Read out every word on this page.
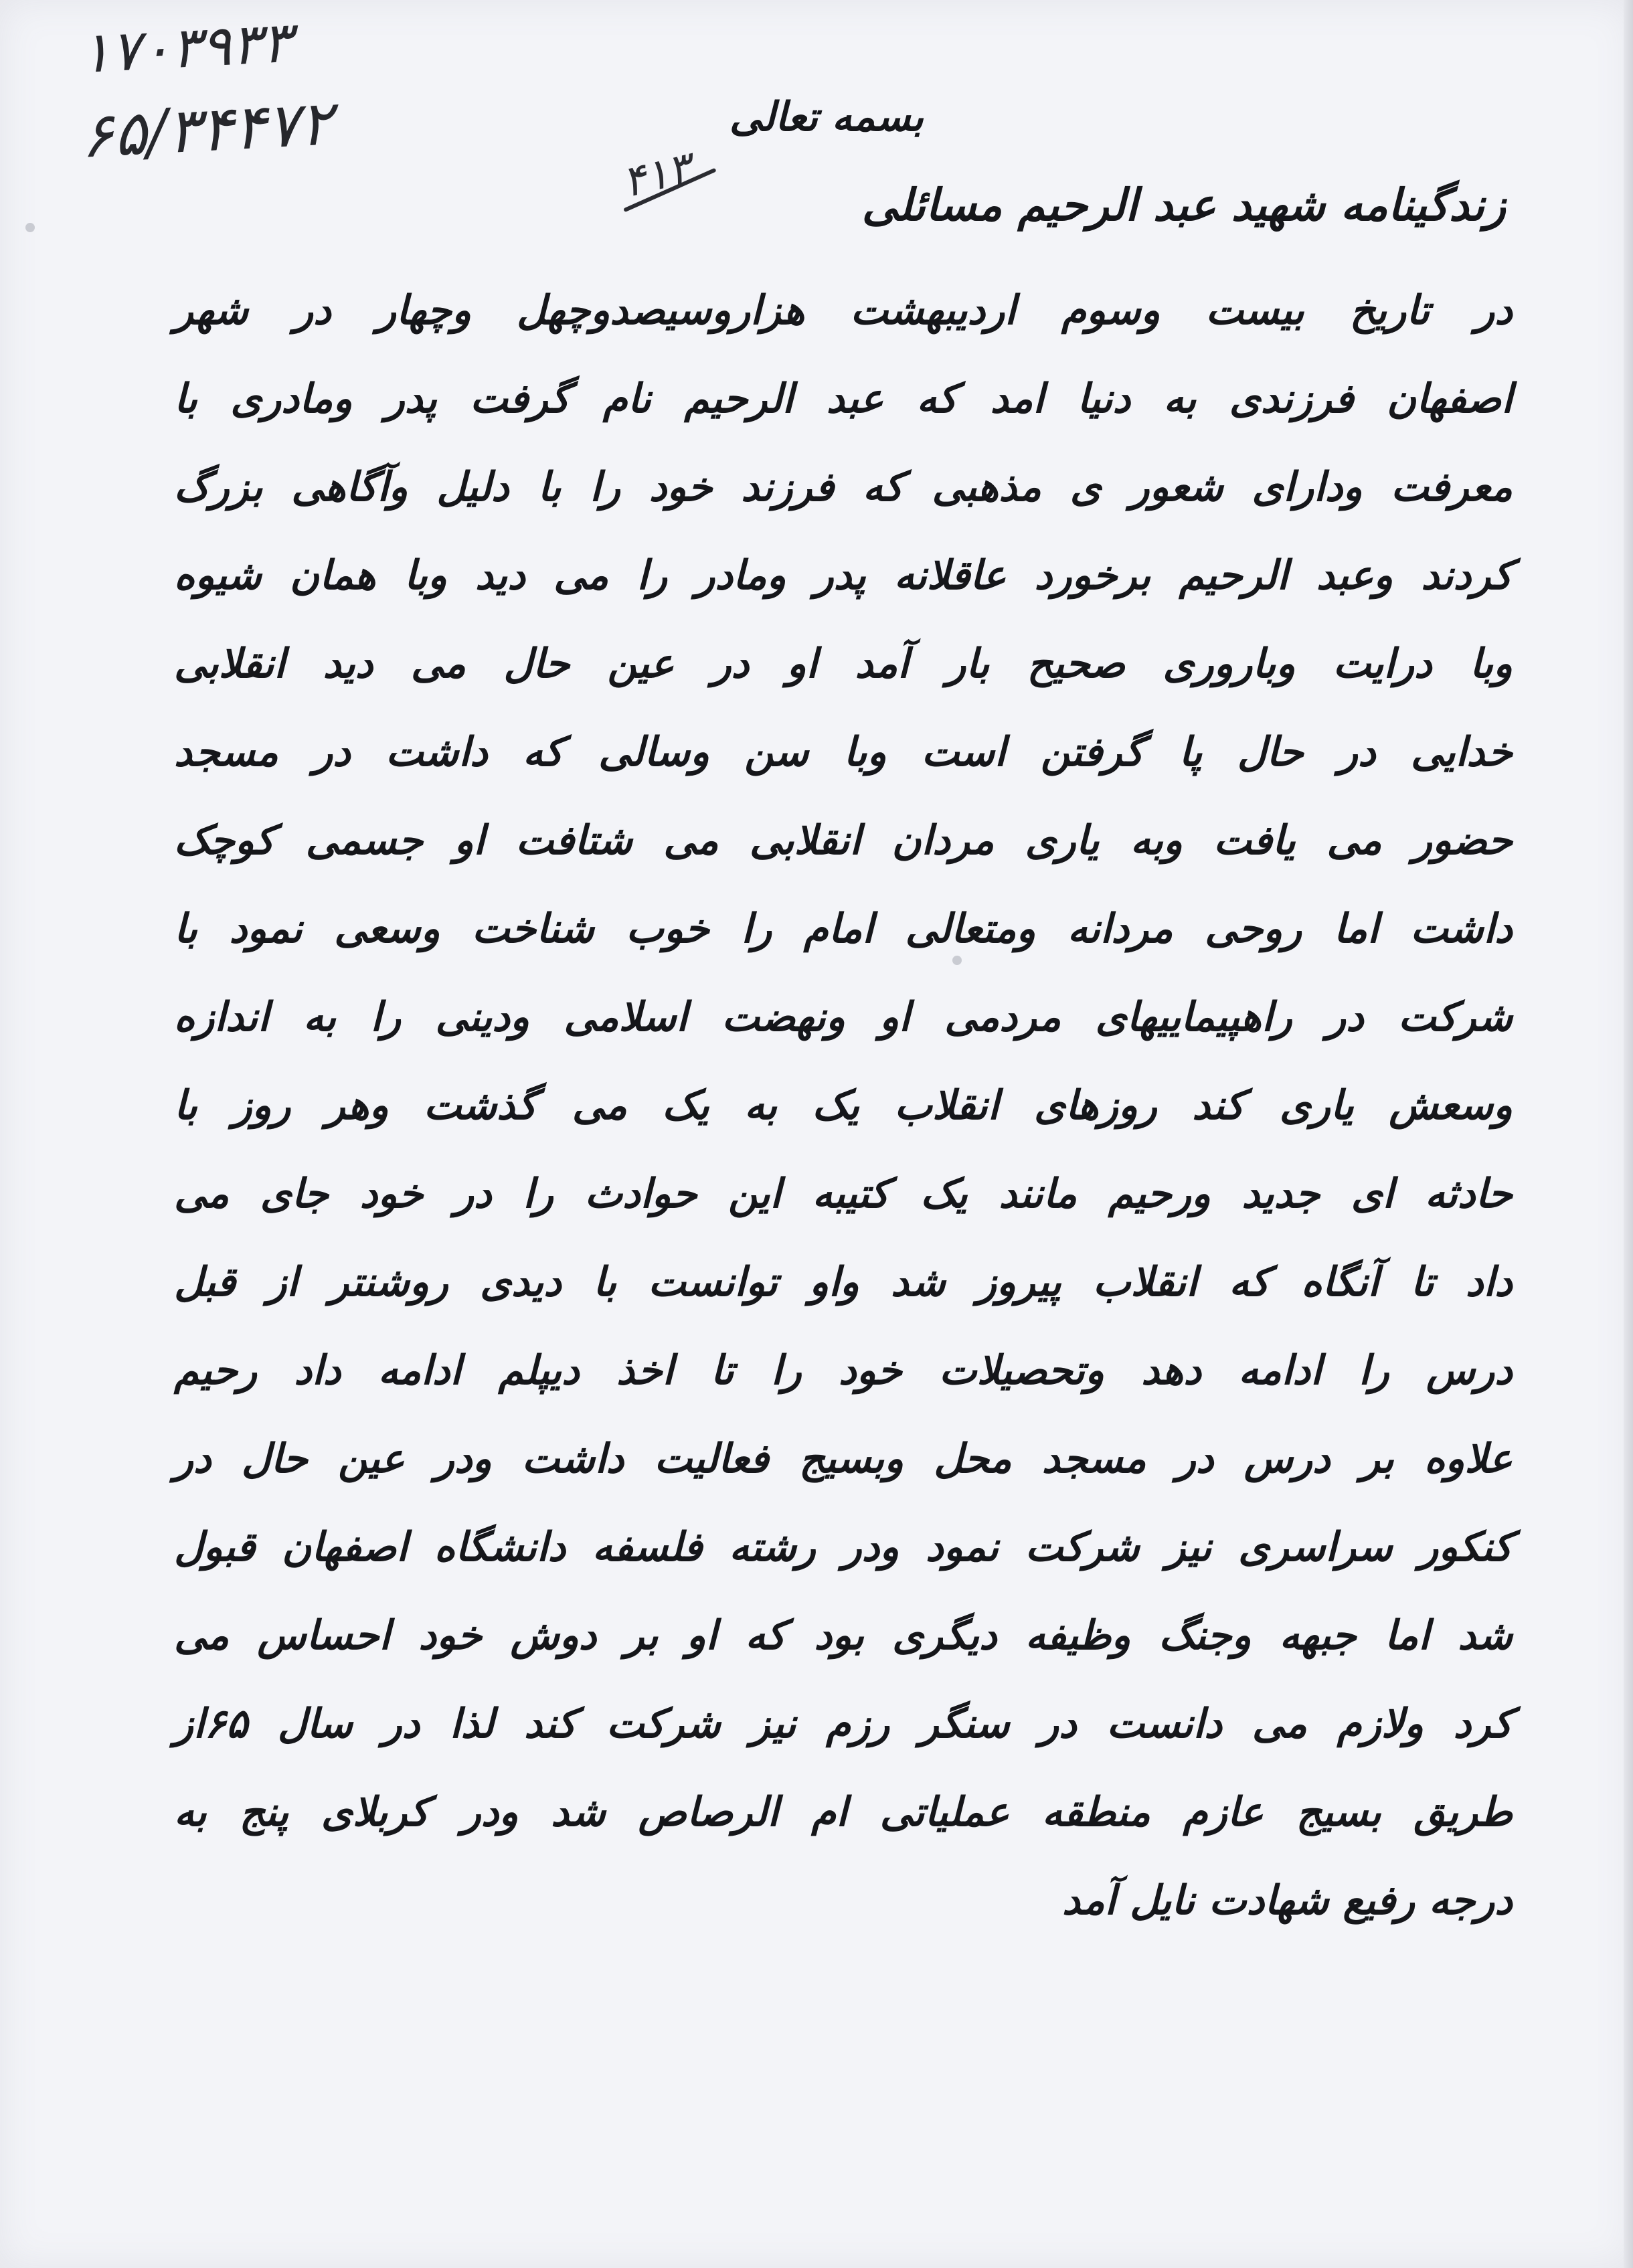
۱۷۰۳۹۳۳
۶۵/۳۴۴۷۲
۴۱۳
بسمه تعالی
زندگینامه شهید عبد الرحیم مسائلی
در تاریخ بیست وسوم اردیبهشت هزاروسیصدوچهل وچهار در شهر
اصفهان فرزندی به دنیا امد که عبد الرحیم نام گرفت پدر ومادری با
معرفت ودارای شعور ی مذهبی که فرزند خود را با دلیل وآگاهی بزرگ
کردند وعبد الرحیم برخورد عاقلانه پدر ومادر را می دید وبا همان شیوه
وبا درایت وباروری صحیح بار آمد او در عین حال می دید انقلابی
خدایی در حال پا گرفتن است وبا سن وسالی که داشت در مسجد
حضور می یافت وبه یاری مردان انقلابی می شتافت او جسمی کوچک
داشت اما روحی مردانه ومتعالی امام را خوب شناخت وسعی نمود با
شرکت در راهپیماییهای مردمی او ونهضت اسلامی ودینی را به اندازه
وسعش یاری کند روزهای انقلاب یک به یک می گذشت وهر روز با
حادثه ای جدید ورحیم مانند یک کتیبه این حوادث را در خود جای می
داد تا آنگاه که انقلاب پیروز شد واو توانست با دیدی روشنتر از قبل
درس را ادامه دهد وتحصیلات خود را تا اخذ دیپلم ادامه داد رحیم
علاوه بر درس در مسجد محل وبسیج فعالیت داشت ودر عین حال در
کنکور سراسری نیز شرکت نمود ودر رشته فلسفه دانشگاه اصفهان قبول
شد اما جبهه وجنگ وظیفه دیگری بود که او بر دوش خود احساس می
کرد ولازم می دانست در سنگر رزم نیز شرکت کند لذا در سال ۶۵از
طریق بسیج عازم منطقه عملیاتی ام الرصاص شد ودر کربلای پنج به
درجه رفیع شهادت نایل آمد
